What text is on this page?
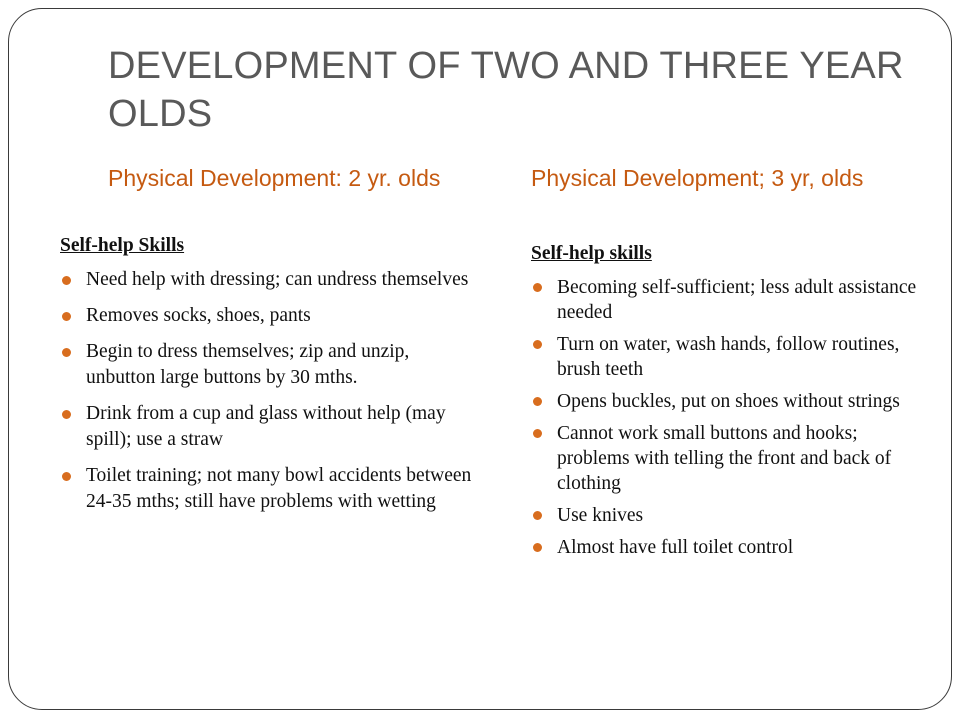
DEVELOPMENT OF TWO AND THREE YEAR OLDS
Physical Development: 2 yr. olds	Physical Development; 3 yr, olds
Self-help Skills
Need help with dressing; can undress themselves
Removes socks, shoes, pants
Begin to dress themselves; zip and unzip, unbutton large buttons by 30 mths.
Drink from a cup and glass without help (may spill); use a straw
Toilet training; not many bowl accidents between 24-35 mths; still have problems with wetting
Self-help skills
Becoming self-sufficient; less adult assistance needed
Turn on water, wash hands, follow routines, brush teeth
Opens buckles, put on shoes without strings
Cannot work small buttons and hooks; problems with telling the front and back of clothing
Use knives
Almost have full toilet control
